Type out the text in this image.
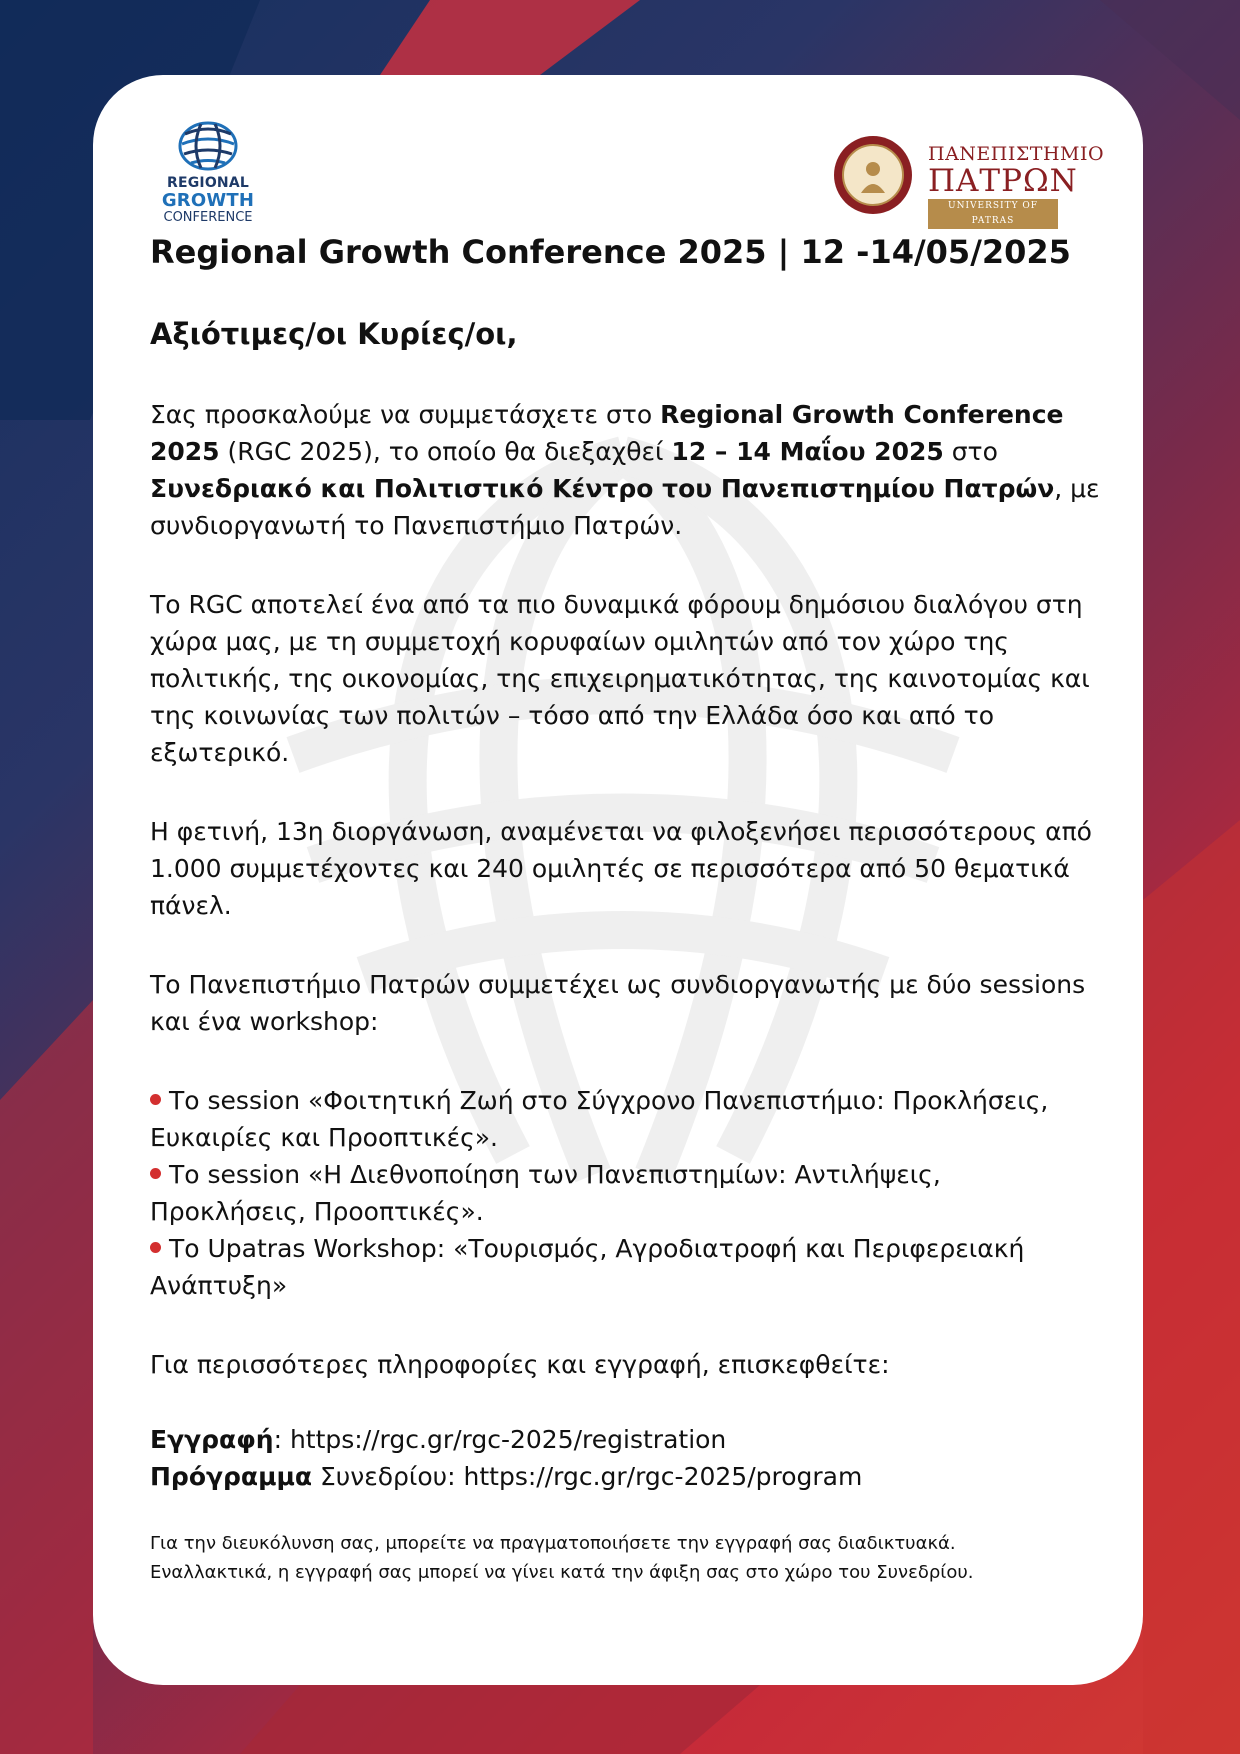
REGIONAL
GROWTH
CONFERENCE
ΠΑΝΕΠΙΣΤΗΜΙΟ
ΠΑΤΡΩΝ
UNIVERSITY OF PATRAS
Regional Growth Conference 2025 | 12 -14/05/2025
Αξιότιμες/οι Κυρίες/οι,

Σας προσκαλούμε να συμμετάσχετε στο Regional Growth Conference 2025 (RGC 2025), το οποίο θα διεξαχθεί 12 – 14 Μαΐου 2025 στο Συνεδριακό και Πολιτιστικό Κέντρο του Πανεπιστημίου Πατρών, με συνδιοργανωτή το Πανεπιστήμιο Πατρών.

Το RGC αποτελεί ένα από τα πιο δυναμικά φόρουμ δημόσιου διαλόγου στη χώρα μας, με τη συμμετοχή κορυφαίων ομιλητών από τον χώρο της πολιτικής, της οικονομίας, της επιχειρηματικότητας, της καινοτομίας και της κοινωνίας των πολιτών – τόσο από την Ελλάδα όσο και από το εξωτερικό.

Η φετινή, 13η διοργάνωση, αναμένεται να φιλοξενήσει περισσότερους από 1.000 συμμετέχοντες και 240 ομιλητές σε περισσότερα από 50 θεματικά πάνελ.

Το Πανεπιστήμιο Πατρών συμμετέχει ως συνδιοργανωτής με δύο sessions και ένα workshop:

Το session «Φοιτητική Ζωή στο Σύγχρονο Πανεπιστήμιο: Προκλήσεις, Ευκαιρίες και Προοπτικές».
Το session «Η Διεθνοποίηση των Πανεπιστημίων: Αντιλήψεις, Προκλήσεις, Προοπτικές».
Το Upatras Workshop: «Τουρισμός, Αγροδιατροφή και Περιφερειακή Ανάπτυξη»

Για περισσότερες πληροφορίες και εγγραφή, επισκεφθείτε:

Εγγραφή: https://rgc.gr/rgc-2025/registration
Πρόγραμμα Συνεδρίου: https://rgc.gr/rgc-2025/program
Για την διευκόλυνση σας, μπορείτε να πραγματοποιήσετε την εγγραφή σας διαδικτυακά.
Εναλλακτικά, η εγγραφή σας μπορεί να γίνει κατά την άφιξη σας στο χώρο του Συνεδρίου.
